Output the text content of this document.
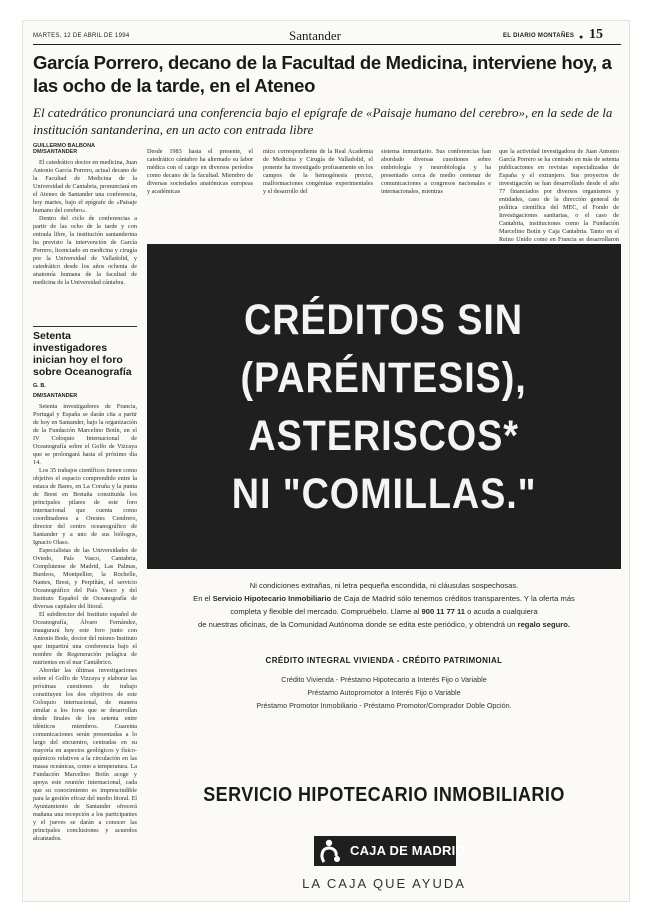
MARTES, 12 DE ABRIL DE 1994	Santander	EL DIARIO MONTAÑES ● 15
García Porrero, decano de la Facultad de Medicina, interviene hoy, a las ocho de la tarde, en el Ateneo
El catedrático pronunciará una conferencia bajo el epígrafe de «Paisaje humano del cerebro», en la sede de la institución santanderina, en un acto con entrada libre
GUILLERMO BALBONA
DM/SANTANDER

El catedrático doctor en medicina, Juan Antonio García Porrero, actual decano de la Facultad de Medicina de la Universidad de Cantabria, pronunciará en el Ateneo de Santander una conferencia, hoy martes, bajo el epígrafe de «Paisaje humano del cerebro».

Dentro del ciclo de conferencias a partir de las ocho de la tarde y con entrada libre, la institución santanderina ha previsto la intervención de García Porrero, licenciado en medicina y cirugía por la Universidad de Valladolid, y catedrático desde los años ochenta de anatomía humana de la facultad de medicina de la Universidad cántabra.

Desde 1983 hasta el presente, el catedrático cántabro ha alternado su labor médica con el cargo en diversos períodos como decano de la facultad. Miembro de diversas sociedades anatómicas europeas y académicas
mico correspondiente de la Real Academia de Medicina y Cirugía de Valladolid, el ponente ha investigado profusamente en los campos de la hemogénesis precoz, malformaciones congénitas experimentales y el desarrollo del
sistema inmunitario. Sus conferencias han abordado diversas cuestiones sobre embriología y neurobiología y ha presentado cerca de medio centenar de comunicaciones a congresos nacionales e internacionales, mientras
que la actividad investigadora de Juan Antonio García Porrero se ha centrado en más de setenta publicaciones en revistas especializadas de España y el extranjero. Sus proyectos de investigación se han desarrollado desde el año 77 financiados por diversos organismos y entidades, caso de la dirección general de política científica del MEC, el Fondo de Investigaciones sanitarias, o el caso de Cantabria, instituciones como la Fundación Marcelino Botín y Caja Cantabria. Tanto en el Reino Unido como en Francia se desarrollaron
Setenta investigadores inician hoy el foro sobre Oceanografía
G. B.
DM/SANTANDER

Setenta investigadores de Francia, Portugal y España se darán cita a partir de hoy en Santander, bajo la organización de la Fundación Marcelino Botín, en el IV Coloquio Internacional de Oceanografía sobre el Golfo de Vizcaya que se prolongará hasta el próximo día 14.

Los 35 trabajos científicos tienen como objetivo el espacio comprendido entre la estaca de Bares, en La Coruña y la punta de Brest en Bretaña constituida los principales pilares de este foro internacional que cuenta como coordinadores a Orestes Cendrero, director del centro oceanográfico de Santander y a uno de sus biólogos, Ignacio Olaso.

Especialistas de las Universidades de Oviedo, País Vasco, Cantabria, Complutense de Madrid, Las Palmas, Burdeos, Montpellier, la Rochelle, Nantes, Brest, y Perpiñán, el servicio Oceanográfico del País Vasco y del Instituto Español de Oceanografía de diversas capitales del litoral.

El subdirector del Instituto español de Oceanografía, Álvaro Fernández, inaugurará hoy este foro junto con Antonio Bode, doctor del mismo Instituto que impartirá una conferencia bajo el nombre de Regeneración pelágica de nutrientes en el mar Cantábrico.

Abordar las últimas investigaciones sobre el Golfo de Vizcaya y elaborar las próximas cuestiones de trabajo constituyen los dos objetivos de este Coloquio internacional, de manera similar a los foros que se desarrollan desde finales de los setenta entre idénticos miembros. Cuarenta comunicaciones serán presentadas a lo largo del encuentro, centradas en su mayoría en aspectos geológicos y físico-químicos relativos a la circulación en las masas oceánicas, como a temperatura. La Fundación Marcelino Botín acoge y apoya este reunión internacional, cada que su conocimiento es imprescindible para la gestión eficaz del medio litoral. El Ayuntamiento de Santander ofrecerá mañana una recepción a los participantes y el jueves se darán a conocer las principales conclusiones y acuerdos alcanzados.

CRÉDITOS SIN
(PARÉNTESIS),
ASTERISCOS*
NI "COMILLAS."
Ni condiciones extrañas, ni letra pequeña escondida, ni cláusulas sospechosas.
En el Servicio Hipotecario Inmobiliario de Caja de Madrid sólo tenemos créditos transparentes. Y la oferta más
completa y flexible del mercado. Compruébelo. Llame al 900 11 77 11 o acuda a cualquiera
de nuestras oficinas, de la Comunidad Autónoma donde se edita este periódico, y obtendrá un regalo seguro.
CRÉDITO INTEGRAL VIVIENDA - CRÉDITO PATRIMONIAL
Crédito Vivienda - Préstamo Hipotecario a Interés Fijo o Variable
Préstamo Autopromotor a Interés Fijo o Variable
Préstamo Promotor Inmobiliario - Préstamo Promotor/Comprador Doble Opción.
SERVICIO HIPOTECARIO INMOBILIARIO
CAJA DE MADRID
LA CAJA QUE AYUDA
